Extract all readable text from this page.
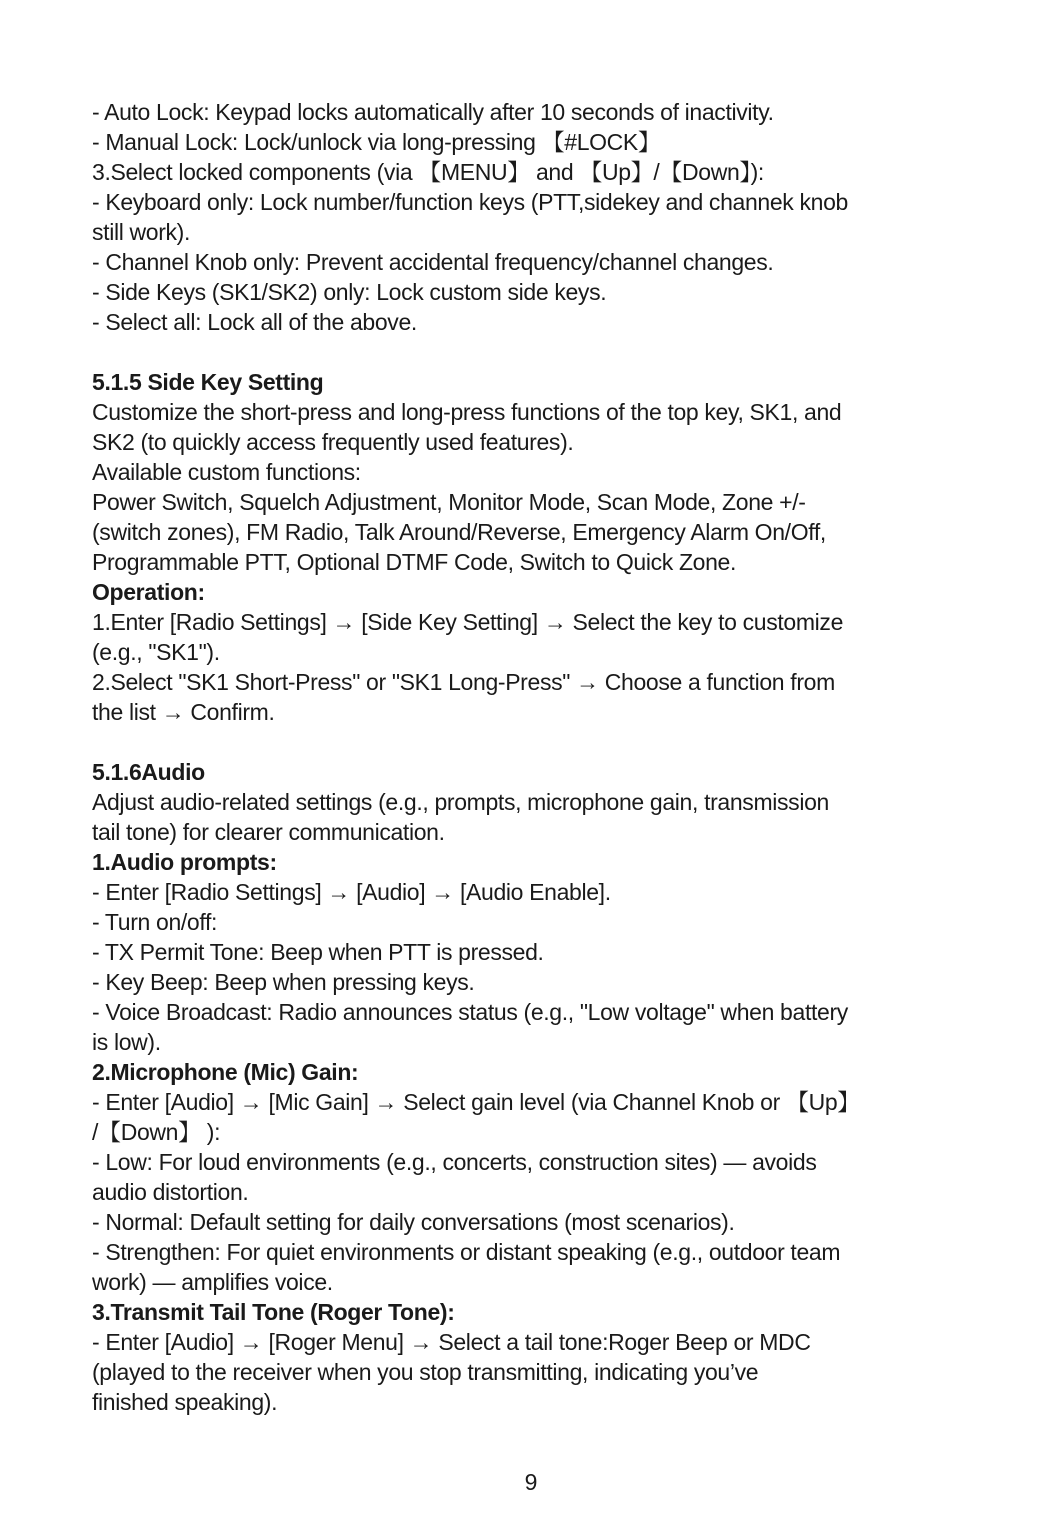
- Auto Lock: Keypad locks automatically after 10 seconds of inactivity.
- Manual Lock: Lock/unlock via long-pressing 【#LOCK】
3.Select locked components (via 【MENU】 and 【Up】/【Down】):
- Keyboard only: Lock number/function keys (PTT,sidekey and channek knob
still work).
- Channel Knob only: Prevent accidental frequency/channel changes.
- Side Keys (SK1/SK2) only: Lock custom side keys.
- Select all: Lock all of the above.
5.1.5 Side Key Setting
Customize the short-press and long-press functions of the top key, SK1, and
SK2 (to quickly access frequently used features).
Available custom functions:
Power Switch, Squelch Adjustment, Monitor Mode, Scan Mode, Zone +/-
(switch zones), FM Radio, Talk Around/Reverse, Emergency Alarm On/Off,
Programmable PTT, Optional DTMF Code, Switch to Quick Zone.
Operation:
1.Enter [Radio Settings] → [Side Key Setting] → Select the key to customize
(e.g., "SK1").
2.Select "SK1 Short-Press" or "SK1 Long-Press" → Choose a function from
the list → Confirm.
5.1.6Audio
Adjust audio-related settings (e.g., prompts, microphone gain, transmission
tail tone) for clearer communication.
1.Audio prompts:
- Enter [Radio Settings] → [Audio] → [Audio Enable].
- Turn on/off:
- TX Permit Tone: Beep when PTT is pressed.
- Key Beep: Beep when pressing keys.
- Voice Broadcast: Radio announces status (e.g., "Low voltage" when battery
is low).
2.Microphone (Mic) Gain:
- Enter [Audio] → [Mic Gain] → Select gain level (via Channel Knob or 【Up】
/【Down】 ):
- Low: For loud environments (e.g., concerts, construction sites) — avoids
audio distortion.
- Normal: Default setting for daily conversations (most scenarios).
- Strengthen: For quiet environments or distant speaking (e.g., outdoor team
work) — amplifies voice.
3.Transmit Tail Tone (Roger Tone):
- Enter [Audio] → [Roger Menu] → Select a tail tone:Roger Beep or MDC
(played to the receiver when you stop transmitting, indicating you’ve
finished speaking).
9
